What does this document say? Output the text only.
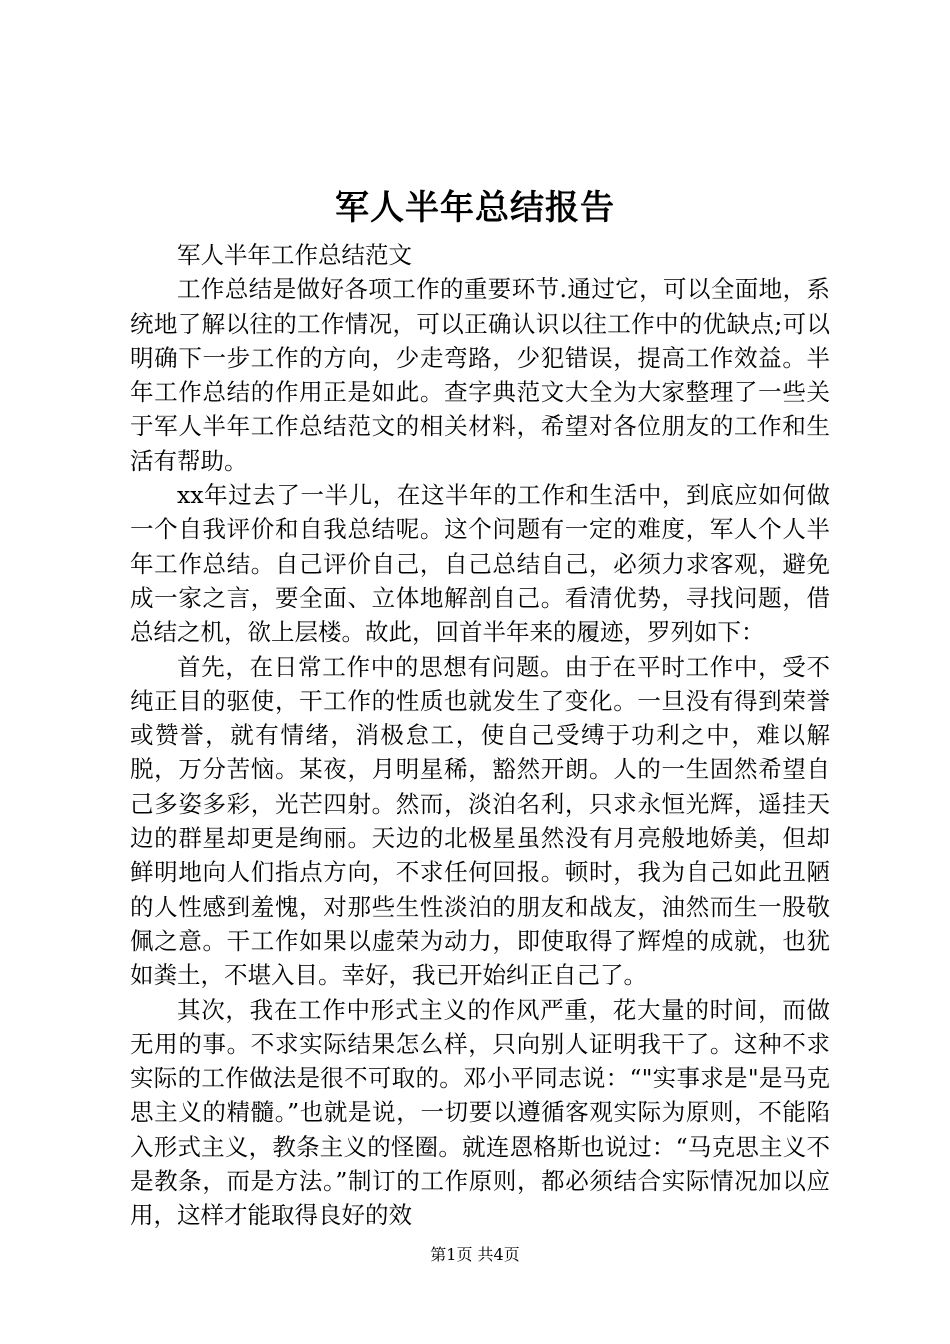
军人半年总结报告

军人半年工作总结范文

工作总结是做好各项工作的重要环节.通过它，可以全面地，系统地了解以往的工作情况，可以正确认识以往工作中的优缺点;可以明确下一步工作的方向，少走弯路，少犯错误，提高工作效益。半年工作总结的作用正是如此。查字典范文大全为大家整理了一些关于军人半年工作总结范文的相关材料，希望对各位朋友的工作和生活有帮助。

xx年过去了一半儿，在这半年的工作和生活中，到底应如何做一个自我评价和自我总结呢。这个问题有一定的难度，军人个人半年工作总结。自己评价自己，自己总结自己，必须力求客观，避免成一家之言，要全面、立体地解剖自己。看清优势，寻找问题，借总结之机，欲上层楼。故此，回首半年来的履迹，罗列如下：

首先，在日常工作中的思想有问题。由于在平时工作中，受不纯正目的驱使，干工作的性质也就发生了变化。一旦没有得到荣誉或赞誉，就有情绪，消极怠工，使自己受缚于功利之中，难以解脱，万分苦恼。某夜，月明星稀，豁然开朗。人的一生固然希望自己多姿多彩，光芒四射。然而，淡泊名利，只求永恒光辉，遥挂天边的群星却更是绚丽。天边的北极星虽然没有月亮般地娇美，但却鲜明地向人们指点方向，不求任何回报。顿时，我为自己如此丑陋的人性感到羞愧，对那些生性淡泊的朋友和战友，油然而生一股敬佩之意。干工作如果以虚荣为动力，即使取得了辉煌的成就，也犹如粪土，不堪入目。幸好，我已开始纠正自己了。

其次，我在工作中形式主义的作风严重，花大量的时间，而做无用的事。不求实际结果怎么样，只向别人证明我干了。这种不求实际的工作做法是很不可取的。邓小平同志说：“"实事求是"是马克思主义的精髓。”也就是说，一切要以遵循客观实际为原则，不能陷入形式主义，教条主义的怪圈。就连恩格斯也说过：“马克思主义不是教条，而是方法。”制订的工作原则，都必须结合实际情况加以应用，这样才能取得良好的效

第1页 共4页
